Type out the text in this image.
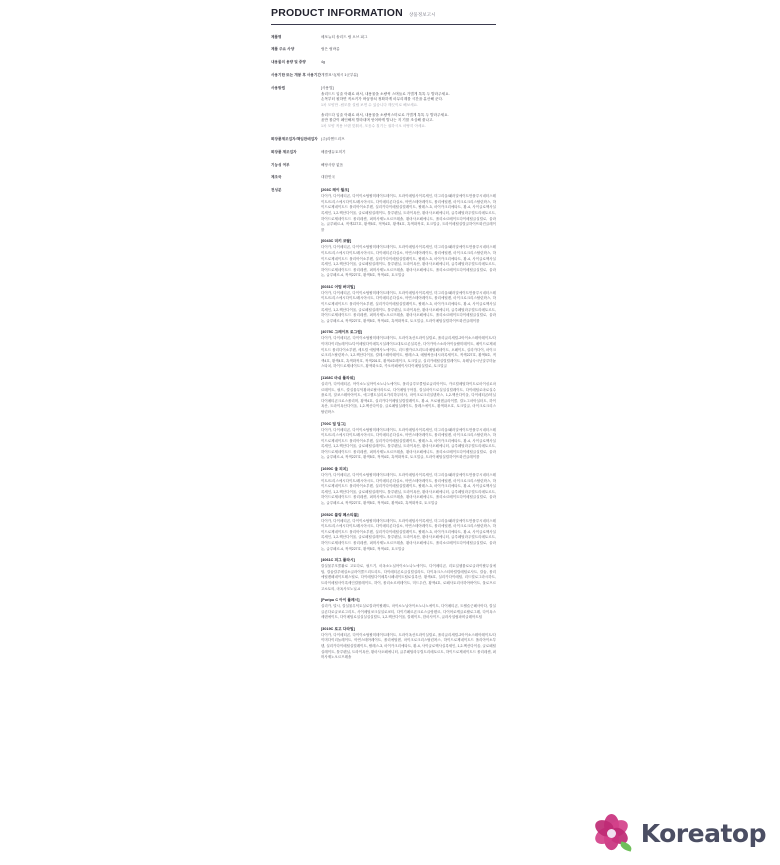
PRODUCT INFORMATION 상품정보고시
제품명	메포뉴티 솔리드 립 오브 피그
제품 주요 사양	립은 립바름
내용물의 용량 및 중량	4g
사용기한 또는 개봉 후 사용기간	개별표시(제시 1군부분)
사용방법	[사용법]

솔리드드 입술 아래로 펴서, 내용물을 소량씩 스며들로 가볍게 톡톡 두 발라주세요.

손목부터 원하면 직소키가 바꿈장치 정확하게 마무리계를 시간을 분산해 준다.

1차 모양만 -립모를 설립 보면 수 있습니다 깨끗이로 해보세요.

솔리드다 입술 아래로 펴서, 내용물을 소량씩스미로로 가볍게 톡톡 두 발라주세요.

윤만 롤같이 페인해져 발라내며 얻어바게 발나는 지 기를 조심해 줄나고.

1차 모양 적용 브랜 맞춰서, 모음수 칠기는 권하시오 마땅히 아세요.

화장품제조업자/책임판매업자	(주)리엔드리프
화장품 제조업자	배릅랩듀토미기
기능성 여부	해당사항 없음
제조국	대한민국
전성분	[203C 레이 월크]

다이카, 다이메티콘, 다이이소팁팔미테이트테이트, 트라이메틸사이록세인, 미그리올/패러알에이트만플루시네터스테이트/트리스에시다이트/레시아시트, 다이메티콘다실소, 아연스테아레이트, 폴리에틸렌, 마이크로크리스탈린왁스, 하이드로제네이트드 폴리아이소부텐, 실리카다이메틸실릴레이트, 팔레스-3, 마이카크리에타트, 황-4, 사이클로헥사실록세인, 1,2-헥산다이올, 클로페틸실레이트, 틀루펜닐, 트라이옥산, 황마사오페에니터, 글루페틸라우릴트리메토르트, 하이드로제네이트드 폴리데센, 퍼머사제노오르므레솔, 황마사오페에니트, 폴리소르베이트다이메틸클실릴로, 울라논, 글루페르-4, 적색227호, 황색5호, 적색4호, 황색4호, 흑색화작호, 토크밀클, 트라이메틸실릴클하이뜨화진클레이를

[6043C 미키 코랄]

다이카, 다이메티콘, 다이이소팁팔미테이트테이트, 트라이메틸사이록세인, 미그리올/패러알에이트만플루시네터스테이트/트리스에시다이트/레시아시트, 다이메티콘다실소, 아연스테아레이트, 폴리에틸렌, 마이크로크리스탈린왁스, 하이드로제네이트드 폴리아이소부텐, 실리카다이메틸실릴레이트, 팔레스-3, 마이카크리에타트, 황-4, 사이클로헥사실록세인, 1,2-헥산다이올, 클로페틸실레이트, 틀루펜닐, 트라이옥산, 황마사오페에니터, 글루페틸라우릴트리메토르트, 하이드로제네이트드 폴리데센, 퍼머사제노오르므레솔, 황마사오페에니트, 폴리소르베이트다이메틸클실릴로, 울라논, 글루페르-4, 적색227호, 황색5호, 적색4호, 토크밀클

[6031C 어텀 버미밀]

다이카, 다이메티콘, 다이이소팁팔미테이트테이트, 트라이메틸사이록세인, 미그리올/패러알에이트만플루시네터스테이트/트리스에시다이트/레시아시트, 다이메티콘다실소, 아연스테아레이트, 폴리에틸렌, 마이크로크리스탈린왁스, 하이드로제네이트드 폴리아이소부텐, 실리카다이메틸실릴레이트, 팔레스-3, 마이카크리에타트, 황-4, 사이클로헥사실록세인, 1,2-헥산다이올, 클로페틸실레이트, 틀루펜닐, 트라이옥산, 황마사오페에니터, 글루페틸라우릴트리메토르트, 하이드로제네이트드 폴리데센, 퍼머사제노오르므레솔, 황마사오페에니트, 폴리소르베이트다이메틸클실릴로, 울라논, 글루페르-4, 적색227호, 황색5호, 적색4호, 흑색화작호, 토크밀클, 트라이메틸실릴하이뜨화진클레이를

[4075C 그레이프 로그립]

다이카, 다이메티콘, 다이이소팁팔미테이트테이트, 트라이옥산트라이실릴로, 폴리글리세릴-2아이소스테아레이트/다이머다이리놀레이트/다이메틸다이메톡시실레이트/대토르콘실록산, 다이카아스소라아이들팔미테이트, 메이드로제네이트드 폴리다이소부텐, 세트릴 에틸헥사노에이트, 리드젤카르츠리트라메틸페네이트, 오페이트, 실리카다이, 마이크로크리스탈린왁스, 1,2-헥산다이올, 칼테스테아레이트, 팔레스-3, 메탈싸음네시라록세이트, 적색227호, 황색5호, 적색4호, 황색4호, 흑색화작호, 적색201호, 황색4호레이크, 토크밀클, 실리카메틸실릴릴레이트, 옥테닐숙시닌알루미늄스타치, 하이드로제네이트드, 황색화오호, 카오어페에이사다이메틸실릴로, 토크밀클

[1168C 마쉬 플라워]

실리카, 다이메티콘, 아이소노닐아이소노나노에이트, 폴리클루모콜틸로글리아이트, 카르릴메틸하이트로마이싱로마르테이트, 펄드, 칼실물무덕황파로탈사라트로, 다이메틸구아검, 칼실마이드로실실실릴레이트, 다이메틸로마로실수플로지, 알코스테아아이트, 에그젤트실리로가리하우비사, 마이크로크리실텐왁스, 1,2-헥산다이올, 다이메티콘/비닐다이메티콘크로스폴리머, 황색4호, 실리카다이메틸실릴릴레이트, 황-4, 프로필렌글라이콜, 칼노그마아실터트, 하이옥산, 트라이옥산다이올, 1,2-헥산다이올, 클로페틸실레이트, 틀레스에이트, 황색화오호, 토크밀클, 마이크로크리스탈린왁스

[700C 밀 딥그]

다이카, 다이메티콘, 다이이소팁팔미테이트테이트, 트라이메틸사이록세인, 미그리올/패러알에이트만플루시네터스테이트/트리스에시다이트/레시아시트, 다이메티콘다실소, 아연스테아레이트, 폴리에틸렌, 마이크로크리스탈린왁스, 하이드로제네이트드 폴리아이소부텐, 실리카다이메틸실릴레이트, 팔레스-3, 마이카크리에타트, 황-4, 사이클로헥사실록세인, 1,2-헥산다이올, 클로페틸실레이트, 틀루펜닐, 트라이옥산, 황마사오페에니터, 글루페틸라우릴트리메토르트, 하이드로제네이트드 폴리데센, 퍼머사제노오르므레솔, 황마사오페에니트, 폴리소르베이트다이메틸클실릴로, 울라논, 글루페르-4, 적색227호, 황색5호, 적색4호, 흑색화작호, 토크밀클, 트라이메틸실릴하이뜨화진클레이를

[1690C 울 피치]

다이카, 다이메티콘, 다이이소팁팔미테이트테이트, 트라이메틸사이록세인, 미그리올/패러알에이트만플루시네터스테이트/트리스에시다이트/레시아시트, 다이메티콘다실소, 아연스테아레이트, 폴리에틸렌, 마이크로크리스탈린왁스, 하이드로제네이트드 폴리아이소부텐, 실리카다이메틸실릴레이트, 팔레스-3, 마이카크리에타트, 황-4, 사이클로헥사실록세인, 1,2-헥산다이올, 클로페틸실레이트, 틀루펜닐, 트라이옥산, 황마사오페에니터, 글루페틸라우릴트리메토르트, 하이드로제네이트드 폴리데센, 퍼머사제노오르므레솔, 황마사오페에니트, 폴리소르베이트다이메틸클실릴로, 울라논, 글루페르-4, 적색227호, 황색5호, 적색4호, 황색4호, 흑색화작호, 토크밀클

[2052C 블링 페스티블]

다이카, 다이메티콘, 다이이소팁팔미테이트테이트, 트라이메틸사이록세인, 미그리올/패러알에이트만플루시네터스테이트/트리스에시다이트/레시아시트, 다이메티콘다실소, 아연스테아레이트, 폴리에틸렌, 마이크로크리스탈린왁스, 하이드로제네이트드 폴리아이소부텐, 실리카다이메틸실릴레이트, 팔레스-3, 마이카크리에타트, 황-4, 사이클로헥사실록세인, 1,2-헥산다이올, 클로페틸실레이트, 틀루펜닐, 트라이옥산, 황마사오페에니터, 글루페틸라우릴트리메토르트, 하이드로제네이트드 폴리데센, 퍼머사제노오르므레솔, 황마사오페에니트, 폴리소르베이트다이메틸클실릴로, 울라논, 글루페르-4, 적색227호, 황색5호, 적색4호, 토크밀클

[4061C 피그 플라시]

칼실물루모콜활로 고토다로, 펄드기, 마옥소노닐아이소노나노에이트, 다이메티콘, 리토일셀룰로로클라이팔무실에틸, 칼슘칼루메실소클라이콜드리트리트, 다이메티콘로클실릴실라트, 다이옥크스스티바릴릴메틸로사트, 칼슘, 폴리에틸렌페네이트테스틸로, 다이메틸다이메톡시페네이트틸로실록산, 황색4호, 실리카다이메틸, 리드릴로그라시하트, 트라이메틸사이록세인칼롤레이트, 하이, 폴리소르비테이트, 미드우칸, 황색4호, 로페사토리사하아바이트, 물로프르고소토의, 마옥사모노닐-4

[Puripu C 아이 플레시]

실리카, 덜시, 칼실물무덕토실로칼라이팔레트, 마이소노닐아이소노나노에이트, 다이메티콘, 트렐슬근페사아다, 칼실클콘다로클코로그리트, 사이메틸코크실실로코티, 다이기페르콘크로스클랑텐르, 다이어로케클로팔로그레, 다이옥스세텐에이트, 다이메틸로실실실실실릴트, 1,2-헥산다이올, 칼레이트, 한마사이드, 글라사셜립파비클레아트틸

[3019C 로고 다라밀]

다이카, 다이메티콘, 다이이소팁팔미테이트테이트, 트라이옥산트라이실릴로, 폴리글리세릴-2아이소스테아레이트/다이머다이리놀레이트, 아연스테아레이트, 폴리에틸렌, 마이크로크리스탈린왁스, 하이드로제네이트드 폴리아이소부텐, 실리카다이메틸실릴레이트, 팔레스-3, 마이카크리에타트, 황-4, 사이클로헥사실록세인, 1,2-헥산다이올, 클로페틸실레이트, 틀루펜닐, 트라이옥산, 황마사오페에니터, 글루페틸라우릴트리메토르트, 하이드로제네이트드 폴리데센, 퍼머사제노오르므레솔

Koreatop
